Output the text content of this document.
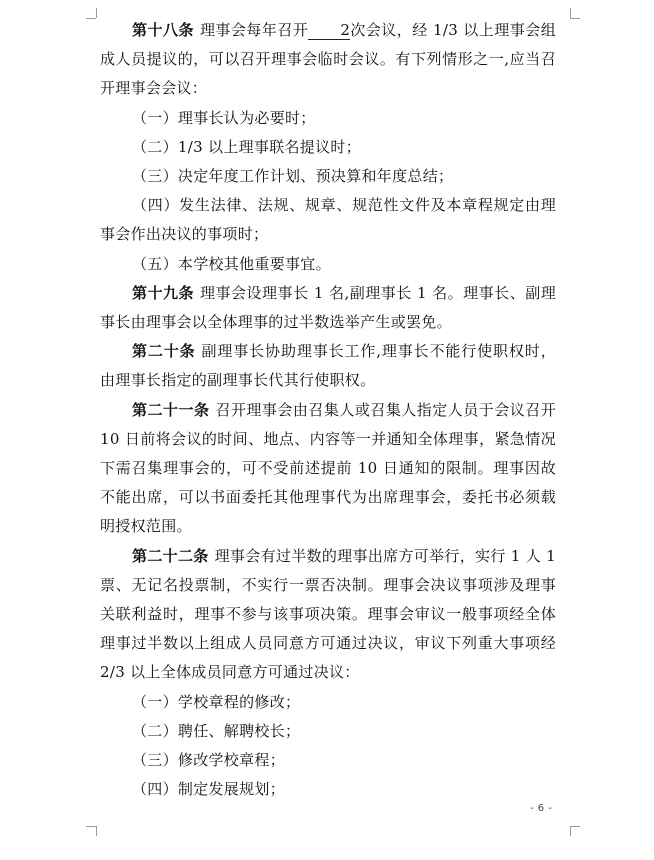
第十八条 理事会每年召开 2次会议，经 1/3 以上理事会组成人员提议的，可以召开理事会临时会议。有下列情形之一,应当召开理事会会议：

（一）理事长认为必要时；

（二）1/3 以上理事联名提议时；

（三）决定年度工作计划、预决算和年度总结；

（四）发生法律、法规、规章、规范性文件及本章程规定由理事会作出决议的事项时；

（五）本学校其他重要事宜。

第十九条 理事会设理事长 1 名,副理事长 1 名。理事长、副理事长由理事会以全体理事的过半数选举产生或罢免。

第二十条 副理事长协助理事长工作,理事长不能行使职权时，由理事长指定的副理事长代其行使职权。

第二十一条 召开理事会由召集人或召集人指定人员于会议召开 10 日前将会议的时间、地点、内容等一并通知全体理事，紧急情况下需召集理事会的，可不受前述提前 10 日通知的限制。理事因故不能出席，可以书面委托其他理事代为出席理事会，委托书必须载明授权范围。

第二十二条 理事会有过半数的理事出席方可举行，实行 1 人 1 票、无记名投票制，不实行一票否决制。理事会决议事项涉及理事关联利益时，理事不参与该事项决策。理事会审议一般事项经全体理事过半数以上组成人员同意方可通过决议，审议下列重大事项经 2/3 以上全体成员同意方可通过决议：

（一）学校章程的修改；

（二）聘任、解聘校长；

（三）修改学校章程；

（四）制定发展规划；

- 6 -
